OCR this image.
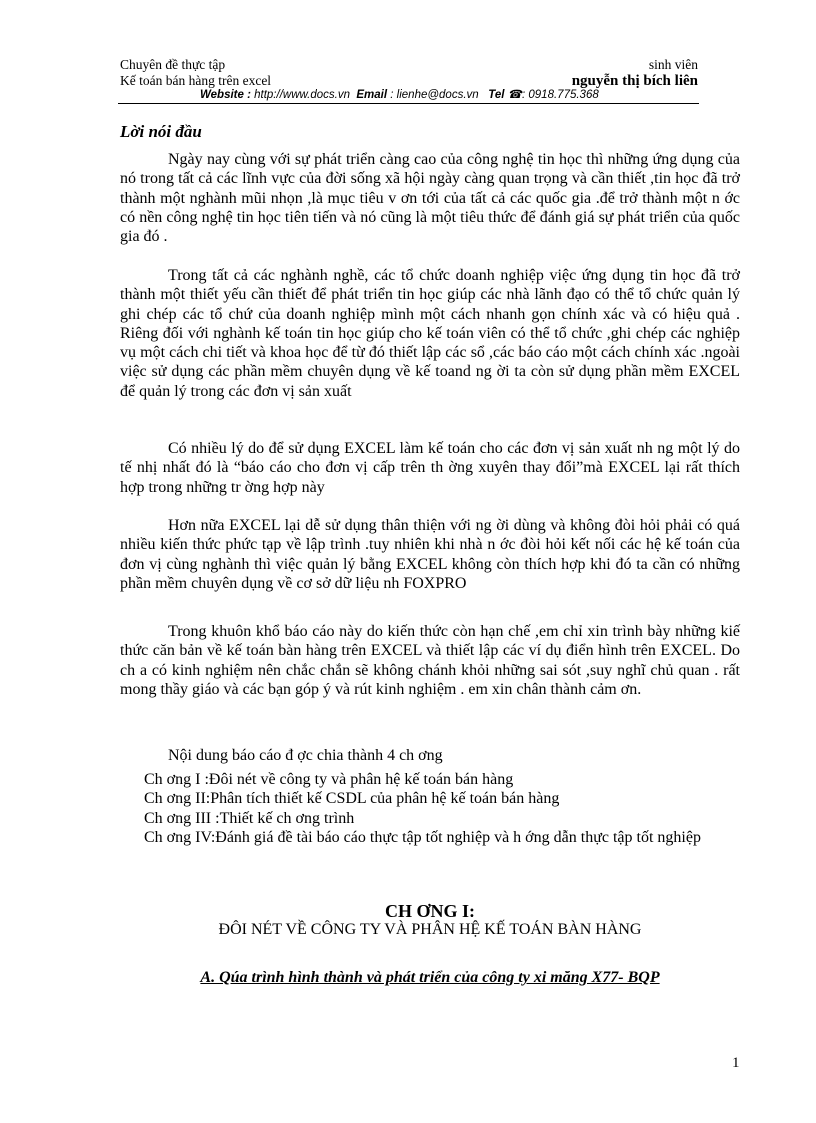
Chuyên đề thực tập
Kế toán bán hàng trên excel
sinh viên
nguyễn thị bích liên
Website : http://www.docs.vn Email : lienhe@docs.vn Tel ☎: 0918.775.368
Lời nói đầu
Ngày nay cùng với sự phát triển càng cao của công nghệ tin học thì những ứng dụng của nó trong tất cả các lĩnh vực của đời sống xã hội ngày càng quan trọng và cần thiết ,tin học đã trở thành một nghành mũi nhọn ,là mục tiêu v ơn tới của tất cả các quốc gia .để trở thành một n ớc có nền công nghệ tin học tiên tiến và nó cũng là một tiêu thức để đánh giá sự phát triển của quốc gia đó .
Trong tất cả các nghành nghề, các tổ chức doanh nghiệp việc ứng dụng tin học đã trở thành một thiết yếu cần thiết để phát triển tin học giúp các nhà lãnh đạo có thể tổ chức quản lý ghi chép các tổ chứ của doanh nghiệp mình một cách nhanh gọn chính xác và có hiệu quả . Riêng đối với nghành kế toán tin học giúp cho kế toán viên có thể tổ chức ,ghi chép các nghiệp vụ một cách chi tiết và khoa học để từ đó thiết lập các sổ ,các báo cáo một cách chính xác .ngoài việc sử dụng các phần mềm chuyên dụng về kế toand ng ời ta còn sử dụng phần mềm EXCEL để quản lý trong các đơn vị sản xuất
Có nhiều lý do để sử dụng EXCEL làm kế toán cho các đơn vị sản xuất nh ng một lý do tế nhị nhất đó là “báo cáo cho đơn vị cấp trên th ờng xuyên thay đổi”mà EXCEL lại rất thích hợp trong những tr ờng hợp này
Hơn nữa EXCEL lại dễ sử dụng thân thiện với ng ời dùng và không đòi hỏi phải có quá nhiều kiến thức phức tạp về lập trình .tuy nhiên khi nhà n ớc đòi hỏi kết nối các hệ kế toán của đơn vị cùng nghành thì việc quản lý bằng EXCEL không còn thích hợp khi đó ta cần có những phần mềm chuyên dụng về cơ sở dữ liệu nh FOXPRO
Trong khuôn khổ báo cáo này do kiến thức còn hạn chế ,em chỉ xin trình bày những kiế thức căn bản về kế toán bàn hàng trên EXCEL và thiết lập các ví dụ điển hình trên EXCEL. Do ch a có kinh nghiệm nên chắc chắn sẽ không chánh khỏi những sai sót ,suy nghĩ chủ quan . rất mong thầy giáo và các bạn góp ý và rút kinh nghiệm . em xin chân thành cảm ơn.
Nội dung báo cáo đ ợc chia thành 4 ch ơng
Ch ơng I :Đôi nét về công ty và phân hệ kế toán bán hàng
Ch ơng II:Phân tích thiết kế CSDL của phân hệ kế toán bán hàng
Ch ơng III :Thiết kế ch ơng trình
Ch ơng IV:Đánh giá đề tài báo cáo thực tập tốt nghiệp và h ớng dẫn thực tập tốt nghiệp
CH ƠNG I:
ĐÔI NÉT VỀ CÔNG TY VÀ PHÂN HỆ KẾ TOÁN BÀN HÀNG
A. Qúa trình hình thành và phát triển của công ty xi măng X77- BQP
1
